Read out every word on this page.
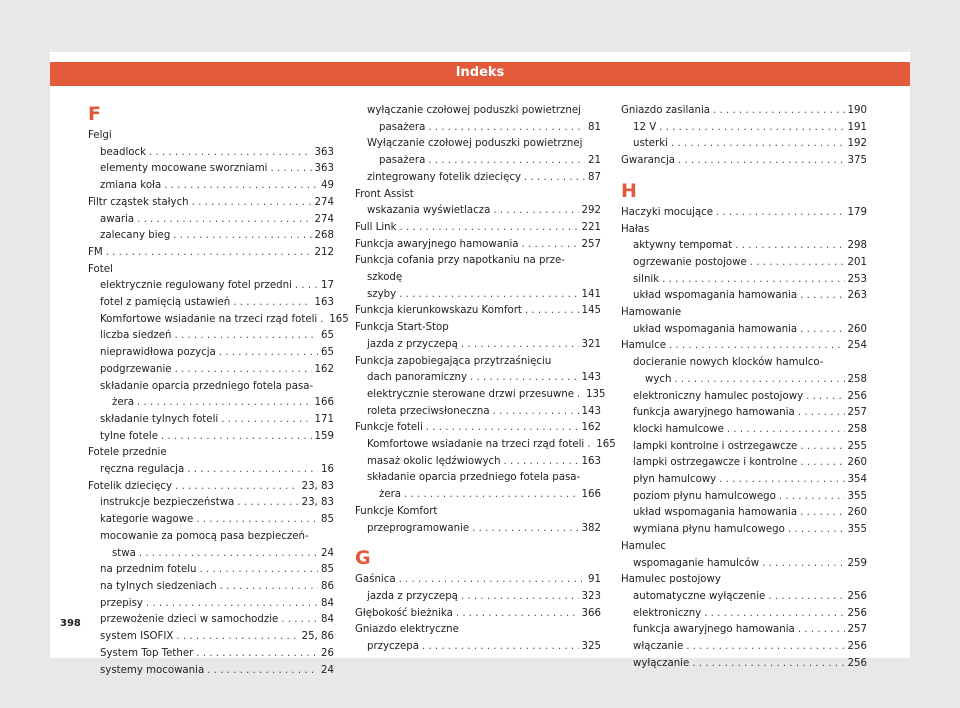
Indeks
F
Felgi
beadlock . . .	363
elementy mocowane sworzniami . . .	363
zmiana koła . . .	49
Filtr cząstek stałych . . .	274
awaria . . .	274
zalecany bieg . . .	268
FM . . .	212
Fotel
elektrycznie regulowany fotel przedni . . .	17
fotel z pamięcią ustawień . . .	163
Komfortowe wsiadanie na trzeci rząd foteli . . . 165
liczba siedzeń . . .	65
nieprawidłowa pozycja . . .	65
podgrzewanie . . .	162
składanie oparcia przedniego fotela pasa-
żera . . .	166
składanie tylnych foteli . . .	171
tylne fotele . . .	159
Fotele przednie
ręczna regulacja . . .	16
Fotelik dziecięcy . . .	23, 83
instrukcje bezpieczeństwa . . .	23, 83
kategorie wagowe . . .	85
mocowanie za pomocą pasa bezpieczeń-
stwa . . .	24
na przednim fotelu . . .	85
na tylnych siedzeniach . . .	86
przepisy . . .	84
przewożenie dzieci w samochodzie . . .	84
system ISOFIX . . .	25, 86
System Top Tether . . .	26
systemy mocowania . . .	24
wyłączanie czołowej poduszki powietrznej
pasażera . . .	81
Wyłączanie czołowej poduszki powietrznej
pasażera . . .	21
zintegrowany fotelik dziecięcy . . .	87
Front Assist
wskazania wyświetlacza . . .	292
Full Link . . .	221
Funkcja awaryjnego hamowania . . .	257
Funkcja cofania przy napotkaniu na prze-
szkodę
szyby . . .	141
Funkcja kierunkowskazu Komfort . . .	145
Funkcja Start-Stop
jazda z przyczepą . . .	321
Funkcja zapobiegająca przytrzaśnięciu
dach panoramiczny . . .	143
elektrycznie sterowane drzwi przesuwne . . . 135
roleta przeciwsłoneczna . . .	143
Funkcje foteli . . .	162
Komfortowe wsiadanie na trzeci rząd foteli . . . 165
masaż okolic lędźwiowych . . .	163
składanie oparcia przedniego fotela pasa-
żera . . .	166
Funkcje Komfort
przeprogramowanie . . .	382
G
Gaśnica . . .	91
jazda z przyczepą . . .	323
Głębokość bieżnika . . .	366
Gniazdo elektryczne
przyczepa . . .	325
Gniazdo zasilania . . .	190
12 V . . .	191
usterki . . .	192
Gwarancja . . .	375
H
Haczyki mocujące . . .	179
Hałas
aktywny tempomat . . .	298
ogrzewanie postojowe . . .	201
silnik . . .	253
układ wspomagania hamowania . . .	263
Hamowanie
układ wspomagania hamowania . . .	260
Hamulce . . .	254
docieranie nowych klocków hamulco-
wych . . .	258
elektroniczny hamulec postojowy . . .	256
funkcja awaryjnego hamowania . . .	257
klocki hamulcowe . . .	258
lampki kontrolne i ostrzegawcze . . .	255
lampki ostrzegawcze i kontrolne . . .	260
płyn hamulcowy . . .	354
poziom płynu hamulcowego . . .	355
układ wspomagania hamowania . . .	260
wymiana płynu hamulcowego . . .	355
Hamulec
wspomaganie hamulców . . .	259
Hamulec postojowy
automatyczne wyłączenie . . .	256
elektroniczny . . .	256
funkcja awaryjnego hamowania . . .	257
włączanie . . .	256
wyłączanie . . .	256
398
